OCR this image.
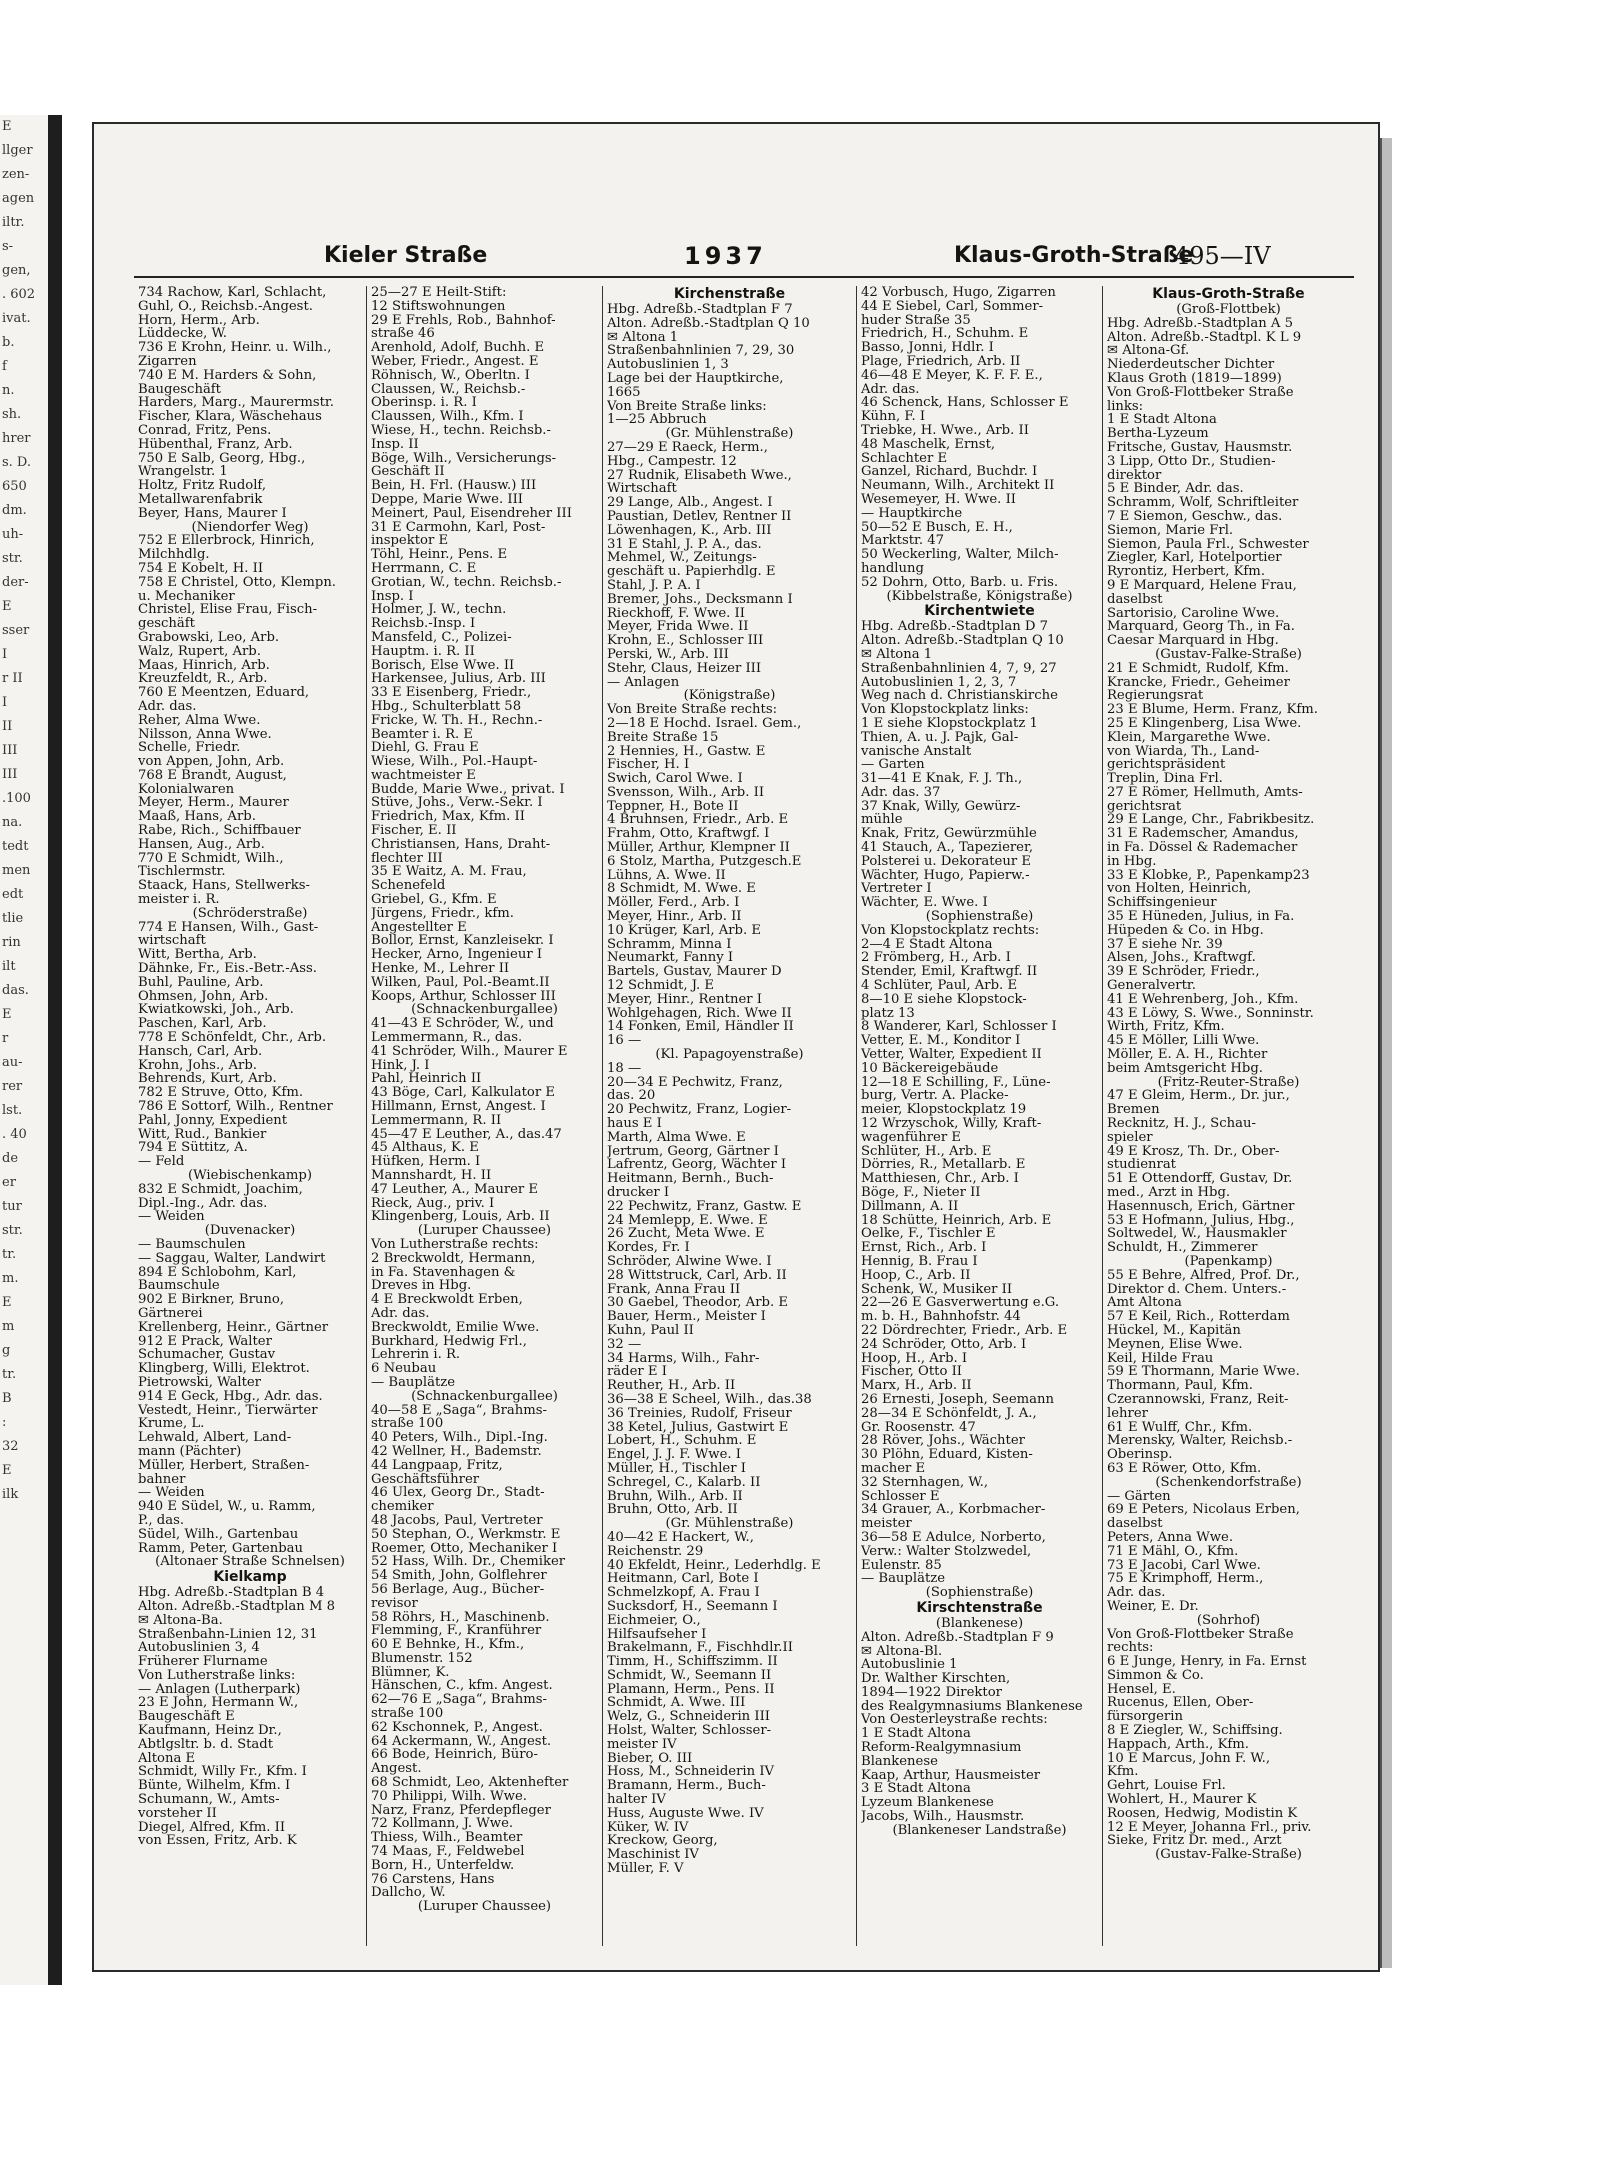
E
llger
zen-
agen
iltr.
s-
gen,
. 602
ivat.
b.
f
n.
sh.
hrer
s. D.
650
dm.
uh-
str.
der-
E
sser
I
r II
I
II
III
III
.100
na.
tedt
men
edt
tlie
rin
ilt
das.
E
r
au-
rer
lst.
. 40
de
er
tur
str.
tr.
m.
E
m
g
tr.
B
:
32
E
ilk
Kieler Straße	1937	Klaus-Groth-Straße
495—IV
734 Rachow, Karl, Schlacht,
Guhl, O., Reichsb.-Angest.
Horn, Herm., Arb.
Lüddecke, W.
736 E Krohn, Heinr. u. Wilh.,
Zigarren
740 E M. Harders & Sohn,
Baugeschäft
Harders, Marg., Maurermstr.
Fischer, Klara, Wäschehaus
Conrad, Fritz, Pens.
Hübenthal, Franz, Arb.
750 E Salb, Georg, Hbg.,
Wrangelstr. 1
Holtz, Fritz Rudolf,
Metallwarenfabrik
Beyer, Hans, Maurer I
(Niendorfer Weg)
752 E Ellerbrock, Hinrich,
Milchhdlg.
754 E Kobelt, H. II
758 E Christel, Otto, Klempn.
u. Mechaniker
Christel, Elise Frau, Fisch-
geschäft
Grabowski, Leo, Arb.
Walz, Rupert, Arb.
Maas, Hinrich, Arb.
Kreuzfeldt, R., Arb.
760 E Meentzen, Eduard,
Adr. das.
Reher, Alma Wwe.
Nilsson, Anna Wwe.
Schelle, Friedr.
von Appen, John, Arb.
768 E Brandt, August,
Kolonialwaren
Meyer, Herm., Maurer
Maaß, Hans, Arb.
Rabe, Rich., Schiffbauer
Hansen, Aug., Arb.
770 E Schmidt, Wilh.,
Tischlermstr.
Staack, Hans, Stellwerks-
meister i. R.
(Schröderstraße)
774 E Hansen, Wilh., Gast-
wirtschaft
Witt, Bertha, Arb.
Dähnke, Fr., Eis.-Betr.-Ass.
Buhl, Pauline, Arb.
Ohmsen, John, Arb.
Kwiatkowski, Joh., Arb.
Paschen, Karl, Arb.
778 E Schönfeldt, Chr., Arb.
Hansch, Carl, Arb.
Krohn, Johs., Arb.
Behrends, Kurt, Arb.
782 E Struve, Otto, Kfm.
786 E Sottorf, Wilh., Rentner
Pahl, Jonny, Expedient
Witt, Rud., Bankier
794 E Süttitz, A.
— Feld
(Wiebischenkamp)
832 E Schmidt, Joachim,
Dipl.-Ing., Adr. das.
— Weiden
(Duvenacker)
— Baumschulen
— Saggau, Walter, Landwirt
894 E Schlobohm, Karl,
Baumschule
902 E Birkner, Bruno,
Gärtnerei
Krellenberg, Heinr., Gärtner
912 E Prack, Walter
Schumacher, Gustav
Klingberg, Willi, Elektrot.
Pietrowski, Walter
914 E Geck, Hbg., Adr. das.
Vestedt, Heinr., Tierwärter
Krume, L.
Lehwald, Albert, Land-
mann (Pächter)
Müller, Herbert, Straßen-
bahner
— Weiden
940 E Südel, W., u. Ramm,
P., das.
Südel, Wilh., Gartenbau
Ramm, Peter, Gartenbau
(Altonaer Straße Schnelsen)
Kielkamp
Hbg. Adreßb.-Stadtplan B 4
Alton. Adreßb.-Stadtplan M 8
✉ Altona-Ba.
Straßenbahn-Linien 12, 31
Autobuslinien 3, 4
Früherer Flurname
Von Lutherstraße links:
— Anlagen (Lutherpark)
23 E John, Hermann W.,
Baugeschäft E
Kaufmann, Heinz Dr.,
Abtlgsltr. b. d. Stadt
Altona E
Schmidt, Willy Fr., Kfm. I
Bünte, Wilhelm, Kfm. I
Schumann, W., Amts-
vorsteher II
Diegel, Alfred, Kfm. II
von Essen, Fritz, Arb. K
25—27 E Heilt-Stift:
12 Stiftswohnungen
29 E Frehls, Rob., Bahnhof-
straße 46
Arenhold, Adolf, Buchh. E
Weber, Friedr., Angest. E
Röhnisch, W., Oberltn. I
Claussen, W., Reichsb.-
Oberinsp. i. R. I
Claussen, Wilh., Kfm. I
Wiese, H., techn. Reichsb.-
Insp. II
Böge, Wilh., Versicherungs-
Geschäft II
Bein, H. Frl. (Hausw.) III
Deppe, Marie Wwe. III
Meinert, Paul, Eisendreher III
31 E Carmohn, Karl, Post-
inspektor E
Töhl, Heinr., Pens. E
Herrmann, C. E
Grotian, W., techn. Reichsb.-
Insp. I
Holmer, J. W., techn.
Reichsb.-Insp. I
Mansfeld, C., Polizei-
Hauptm. i. R. II
Borisch, Else Wwe. II
Harkensee, Julius, Arb. III
33 E Eisenberg, Friedr.,
Hbg., Schulterblatt 58
Fricke, W. Th. H., Rechn.-
Beamter i. R. E
Diehl, G. Frau E
Wiese, Wilh., Pol.-Haupt-
wachtmeister E
Budde, Marie Wwe., privat. I
Stüve, Johs., Verw.-Sekr. I
Friedrich, Max, Kfm. II
Fischer, E. II
Christiansen, Hans, Draht-
flechter III
35 E Waitz, A. M. Frau,
Schenefeld
Griebel, G., Kfm. E
Jürgens, Friedr., kfm.
Angestellter E
Bollor, Ernst, Kanzleisekr. I
Hecker, Arno, Ingenieur I
Henke, M., Lehrer II
Wilken, Paul, Pol.-Beamt.II
Koops, Arthur, Schlosser III
(Schnackenburgallee)
41—43 E Schröder, W., und
Lemmermann, R., das.
41 Schröder, Wilh., Maurer E
Hink, J. I
Pahl, Heinrich II
43 Böge, Carl, Kalkulator E
Hillmann, Ernst, Angest. I
Lemmermann, R. II
45—47 E Leuther, A., das.47
45 Althaus, K. E
Hüfken, Herm. I
Mannshardt, H. II
47 Leuther, A., Maurer E
Rieck, Aug., priv. I
Klingenberg, Louis, Arb. II
(Luruper Chaussee)
Von Lutherstraße rechts:
2 Breckwoldt, Hermann,
in Fa. Stavenhagen &
Dreves in Hbg.
4 E Breckwoldt Erben,
Adr. das.
Breckwoldt, Emilie Wwe.
Burkhard, Hedwig Frl.,
Lehrerin i. R.
6 Neubau
— Bauplätze
(Schnackenburgallee)
40—58 E „Saga“, Brahms-
straße 100
40 Peters, Wilh., Dipl.-Ing.
42 Wellner, H., Bademstr.
44 Langpaap, Fritz,
Geschäftsführer
46 Ulex, Georg Dr., Stadt-
chemiker
48 Jacobs, Paul, Vertreter
50 Stephan, O., Werkmstr. E
Roemer, Otto, Mechaniker I
52 Hass, Wilh. Dr., Chemiker
54 Smith, John, Golflehrer
56 Berlage, Aug., Bücher-
revisor
58 Röhrs, H., Maschinenb.
Flemming, F., Kranführer
60 E Behnke, H., Kfm.,
Blumenstr. 152
Blümner, K.
Hänschen, C., kfm. Angest.
62—76 E „Saga“, Brahms-
straße 100
62 Kschonnek, P., Angest.
64 Ackermann, W., Angest.
66 Bode, Heinrich, Büro-
Angest.
68 Schmidt, Leo, Aktenhefter
70 Philippi, Wilh. Wwe.
Narz, Franz, Pferdepfleger
72 Kollmann, J. Wwe.
Thiess, Wilh., Beamter
74 Maas, F., Feldwebel
Born, H., Unterfeldw.
76 Carstens, Hans
Dallcho, W.
(Luruper Chaussee)
Kirchenstraße
Hbg. Adreßb.-Stadtplan F 7
Alton. Adreßb.-Stadtplan Q 10
✉ Altona 1
Straßenbahnlinien 7, 29, 30
Autobuslinien 1, 3
Lage bei der Hauptkirche,
1665
Von Breite Straße links:
1—25 Abbruch
(Gr. Mühlenstraße)
27—29 E Raeck, Herm.,
Hbg., Campestr. 12
27 Rudnik, Elisabeth Wwe.,
Wirtschaft
29 Lange, Alb., Angest. I
Paustian, Detlev, Rentner II
Löwenhagen, K., Arb. III
31 E Stahl, J. P. A., das.
Mehmel, W., Zeitungs-
geschäft u. Papierhdlg. E
Stahl, J. P. A. I
Bremer, Johs., Decksmann I
Rieckhoff, F. Wwe. II
Meyer, Frida Wwe. II
Krohn, E., Schlosser III
Perski, W., Arb. III
Stehr, Claus, Heizer III
— Anlagen
(Königstraße)
Von Breite Straße rechts:
2—18 E Hochd. Israel. Gem.,
Breite Straße 15
2 Hennies, H., Gastw. E
Fischer, H. I
Swich, Carol Wwe. I
Svensson, Wilh., Arb. II
Teppner, H., Bote II
4 Bruhnsen, Friedr., Arb. E
Frahm, Otto, Kraftwgf. I
Müller, Arthur, Klempner II
6 Stolz, Martha, Putzgesch.E
Lühns, A. Wwe. II
8 Schmidt, M. Wwe. E
Möller, Ferd., Arb. I
Meyer, Hinr., Arb. II
10 Krüger, Karl, Arb. E
Schramm, Minna I
Neumarkt, Fanny I
Bartels, Gustav, Maurer D
12 Schmidt, J. E
Meyer, Hinr., Rentner I
Wohlgehagen, Rich. Wwe II
14 Fonken, Emil, Händler II
16 —
(Kl. Papagoyenstraße)
18 —
20—34 E Pechwitz, Franz,
das. 20
20 Pechwitz, Franz, Logier-
haus E I
Marth, Alma Wwe. E
Jertrum, Georg, Gärtner I
Lafrentz, Georg, Wächter I
Heitmann, Bernh., Buch-
drucker I
22 Pechwitz, Franz, Gastw. E
24 Memlepp, E. Wwe. E
26 Zucht, Meta Wwe. E
Kordes, Fr. I
Schröder, Alwine Wwe. I
28 Wittstruck, Carl, Arb. II
Frank, Anna Frau II
30 Gaebel, Theodor, Arb. E
Bauer, Herm., Meister I
Kuhn, Paul II
32 —
34 Harms, Wilh., Fahr-
räder E I
Reuther, H., Arb. II
36—38 E Scheel, Wilh., das.38
36 Treinies, Rudolf, Friseur
38 Ketel, Julius, Gastwirt E
Lobert, H., Schuhm. E
Engel, J. J. F. Wwe. I
Müller, H., Tischler I
Schregel, C., Kalarb. II
Bruhn, Wilh., Arb. II
Bruhn, Otto, Arb. II
(Gr. Mühlenstraße)
40—42 E Hackert, W.,
Reichenstr. 29
40 Ekfeldt, Heinr., Lederhdlg. E
Heitmann, Carl, Bote I
Schmelzkopf, A. Frau I
Sucksdorf, H., Seemann I
Eichmeier, O.,
Hilfsaufseher I
Brakelmann, F., Fischhdlr.II
Timm, H., Schiffszimm. II
Schmidt, W., Seemann II
Plamann, Herm., Pens. II
Schmidt, A. Wwe. III
Welz, G., Schneiderin III
Holst, Walter, Schlosser-
meister IV
Bieber, O. III
Hoss, M., Schneiderin IV
Bramann, Herm., Buch-
halter IV
Huss, Auguste Wwe. IV
Küker, W. IV
Kreckow, Georg,
Maschinist IV
Müller, F. V
42 Vorbusch, Hugo, Zigarren
44 E Siebel, Carl, Sommer-
huder Straße 35
Friedrich, H., Schuhm. E
Basso, Jonni, Hdlr. I
Plage, Friedrich, Arb. II
46—48 E Meyer, K. F. F. E.,
Adr. das.
46 Schenck, Hans, Schlosser E
Kühn, F. I
Triebke, H. Wwe., Arb. II
48 Maschelk, Ernst,
Schlachter E
Ganzel, Richard, Buchdr. I
Neumann, Wilh., Architekt II
Wesemeyer, H. Wwe. II
— Hauptkirche
50—52 E Busch, E. H.,
Marktstr. 47
50 Weckerling, Walter, Milch-
handlung
52 Dohrn, Otto, Barb. u. Fris.
(Kibbelstraße, Königstraße)
Kirchentwiete
Hbg. Adreßb.-Stadtplan D 7
Alton. Adreßb.-Stadtplan Q 10
✉ Altona 1
Straßenbahnlinien 4, 7, 9, 27
Autobuslinien 1, 2, 3, 7
Weg nach d. Christianskirche
Von Klopstockplatz links:
1 E siehe Klopstockplatz 1
Thien, A. u. J. Pajk, Gal-
vanische Anstalt
— Garten
31—41 E Knak, F. J. Th.,
Adr. das. 37
37 Knak, Willy, Gewürz-
mühle
Knak, Fritz, Gewürzmühle
41 Stauch, A., Tapezierer,
Polsterei u. Dekorateur E
Wächter, Hugo, Papierw.-
Vertreter I
Wächter, E. Wwe. I
(Sophienstraße)
Von Klopstockplatz rechts:
2—4 E Stadt Altona
2 Frömberg, H., Arb. I
Stender, Emil, Kraftwgf. II
4 Schlüter, Paul, Arb. E
8—10 E siehe Klopstock-
platz 13
8 Wanderer, Karl, Schlosser I
Vetter, E. M., Konditor I
Vetter, Walter, Expedient II
10 Bäckereigebäude
12—18 E Schilling, F., Lüne-
burg, Vertr. A. Placke-
meier, Klopstockplatz 19
12 Wrzyschok, Willy, Kraft-
wagenführer E
Schlüter, H., Arb. E
Dörries, R., Metallarb. E
Matthiesen, Chr., Arb. I
Böge, F., Nieter II
Dillmann, A. II
18 Schütte, Heinrich, Arb. E
Oelke, F., Tischler E
Ernst, Rich., Arb. I
Hennig, B. Frau I
Hoop, C., Arb. II
Schenk, W., Musiker II
22—26 E Gasverwertung e.G.
m. b. H., Bahnhofstr. 44
22 Dördrechter, Friedr., Arb. E
24 Schröder, Otto, Arb. I
Hoop, H., Arb. I
Fischer, Otto II
Marx, H., Arb. II
26 Ernesti, Joseph, Seemann
28—34 E Schönfeldt, J. A.,
Gr. Roosenstr. 47
28 Röver, Johs., Wächter
30 Plöhn, Eduard, Kisten-
macher E
32 Sternhagen, W.,
Schlosser E
34 Grauer, A., Korbmacher-
meister
36—58 E Adulce, Norberto,
Verw.: Walter Stolzwedel,
Eulenstr. 85
— Bauplätze
(Sophienstraße)
Kirschtenstraße
(Blankenese)
Alton. Adreßb.-Stadtplan F 9
✉ Altona-Bl.
Autobuslinie 1
Dr. Walther Kirschten,
1894—1922 Direktor
des Realgymnasiums Blankenese
Von Oesterleystraße rechts:
1 E Stadt Altona
Reform-Realgymnasium
Blankenese
Kaap, Arthur, Hausmeister
3 E Stadt Altona
Lyzeum Blankenese
Jacobs, Wilh., Hausmstr.
(Blankeneser Landstraße)
Klaus-Groth-Straße
(Groß-Flottbek)
Hbg. Adreßb.-Stadtplan A 5
Alton. Adreßb.-Stadtpl. K L 9
✉ Altona-Gf.
Niederdeutscher Dichter
Klaus Groth (1819—1899)
Von Groß-Flottbeker Straße
links:
1 E Stadt Altona
Bertha-Lyzeum
Fritsche, Gustav, Hausmstr.
3 Lipp, Otto Dr., Studien-
direktor
5 E Binder, Adr. das.
Schramm, Wolf, Schriftleiter
7 E Siemon, Geschw., das.
Siemon, Marie Frl.
Siemon, Paula Frl., Schwester
Ziegler, Karl, Hotelportier
Ryrontiz, Herbert, Kfm.
9 E Marquard, Helene Frau,
daselbst
Sartorisio, Caroline Wwe.
Marquard, Georg Th., in Fa.
Caesar Marquard in Hbg.
(Gustav-Falke-Straße)
21 E Schmidt, Rudolf, Kfm.
Krancke, Friedr., Geheimer
Regierungsrat
23 E Blume, Herm. Franz, Kfm.
25 E Klingenberg, Lisa Wwe.
Klein, Margarethe Wwe.
von Wiarda, Th., Land-
gerichtspräsident
Treplin, Dina Frl.
27 E Römer, Hellmuth, Amts-
gerichtsrat
29 E Lange, Chr., Fabrikbesitz.
31 E Rademscher, Amandus,
in Fa. Dössel & Rademacher
in Hbg.
33 E Klobke, P., Papenkamp23
von Holten, Heinrich,
Schiffsingenieur
35 E Hüneden, Julius, in Fa.
Hüpeden & Co. in Hbg.
37 E siehe Nr. 39
Alsen, Johs., Kraftwgf.
39 E Schröder, Friedr.,
Generalvertr.
41 E Wehrenberg, Joh., Kfm.
43 E Löwy, S. Wwe., Sonninstr.
Wirth, Fritz, Kfm.
45 E Möller, Lilli Wwe.
Möller, E. A. H., Richter
beim Amtsgericht Hbg.
(Fritz-Reuter-Straße)
47 E Gleim, Herm., Dr. jur.,
Bremen
Recknitz, H. J., Schau-
spieler
49 E Krosz, Th. Dr., Ober-
studienrat
51 E Ottendorff, Gustav, Dr.
med., Arzt in Hbg.
Hasennusch, Erich, Gärtner
53 E Hofmann, Julius, Hbg.,
Soltwedel, W., Hausmakler
Schuldt, H., Zimmerer
(Papenkamp)
55 E Behre, Alfred, Prof. Dr.,
Direktor d. Chem. Unters.-
Amt Altona
57 E Keil, Rich., Rotterdam
Hückel, M., Kapitän
Meynen, Elise Wwe.
Keil, Hilde Frau
59 E Thormann, Marie Wwe.
Thormann, Paul, Kfm.
Czerannowski, Franz, Reit-
lehrer
61 E Wulff, Chr., Kfm.
Merensky, Walter, Reichsb.-
Oberinsp.
63 E Röwer, Otto, Kfm.
(Schenkendorfstraße)
— Gärten
69 E Peters, Nicolaus Erben,
daselbst
Peters, Anna Wwe.
71 E Mähl, O., Kfm.
73 E Jacobi, Carl Wwe.
75 E Krimphoff, Herm.,
Adr. das.
Weiner, E. Dr.
(Sohrhof)
Von Groß-Flottbeker Straße
rechts:
6 E Junge, Henry, in Fa. Ernst
Simmon & Co.
Hensel, E.
Rucenus, Ellen, Ober-
fürsorgerin
8 E Ziegler, W., Schiffsing.
Happach, Arth., Kfm.
10 E Marcus, John F. W.,
Kfm.
Gehrt, Louise Frl.
Wohlert, H., Maurer K
Roosen, Hedwig, Modistin K
12 E Meyer, Johanna Frl., priv.
Sieke, Fritz Dr. med., Arzt
(Gustav-Falke-Straße)
